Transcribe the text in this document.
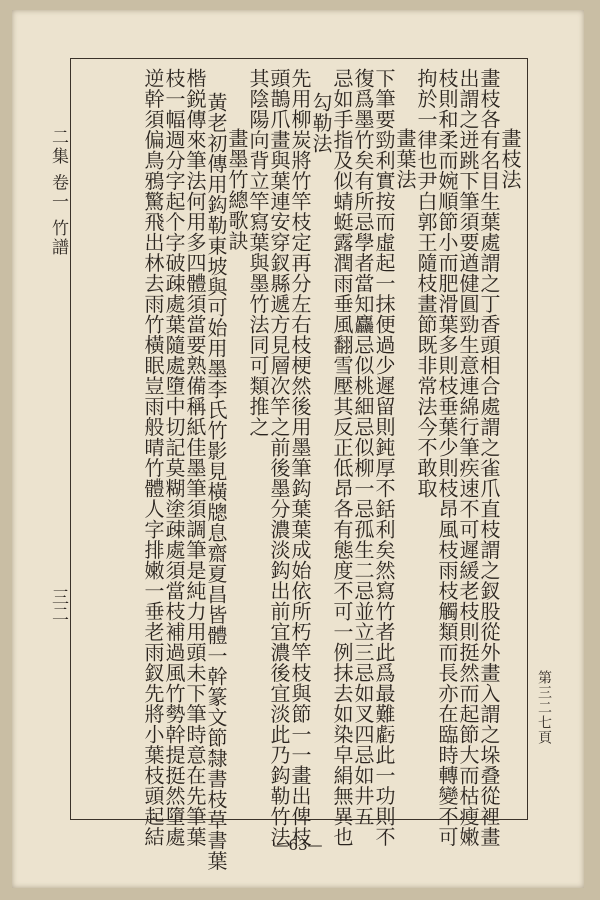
二集 卷一 竹譜
三二
畫枝法
畫枝各有名目生葉處謂之丁香頭相合處謂之雀爪直枝謂之釵股從外畫入謂之垛叠從裡畫
出謂之迸跳下筆須要遒健圓勁生意連綿行筆疾速不可遲緩老枝則挺然而起節大而枯瘦嫩
枝則和柔而婉順節小而肥滑葉多則枝垂葉少則枝昂風枝雨枝觸類而長亦在臨時轉變不可
拘於一律也尹白郭王隨枝畫節既非常法今不敢取
畫葉法
下筆要勁利實按而虛起一抹便過少遲留則鈍厚不銛利矣然寫竹者此爲最難虧此一功則不
復爲墨竹矣有所忌學者當知麤忌似桃細忌似柳一忌孤生二忌並立三忌如叉四忌如井五
忌如手指及似蜻蜓露潤雨垂風翻雪壓其反正低昂各有態度不可一例抹去如染皁絹無異也
勾勒法
先用柳炭將竹竿枝定再分左右枝梗然後用墨筆鈎葉葉成始依所朽竿枝與節一一畫出俾枝
頭鵲爪畫與葉連安穿釵縣遞方見層次竿之前後墨分濃淡鈎出前宜濃後宜淡此乃鈎勒竹法
其陰陽向背立竿寫葉與墨竹法同可類推之
畫墨竹總歌訣
黃老初傳用鈎勒東坡與可始用墨李氏竹影見橫牕息齋夏昌皆體一幹篆文節隸書枝草書葉
楷鋭傳來筆法何用多四體須當要熟備稱紙佳墨筆須調筆是純力用頭未下筆時意在先筆葉
枝一幅週分字起个字破疎處葉隨處墮中切記莫糊塗疎處須當枝補過風竹勢幹提挺然墮處
逆幹須偏鳥鴉驚飛出林去雨竹橫眠豈雨般晴竹體人字排嫩一垂老雨釵先將小葉枝頭起結	第三二七頁
—63—
